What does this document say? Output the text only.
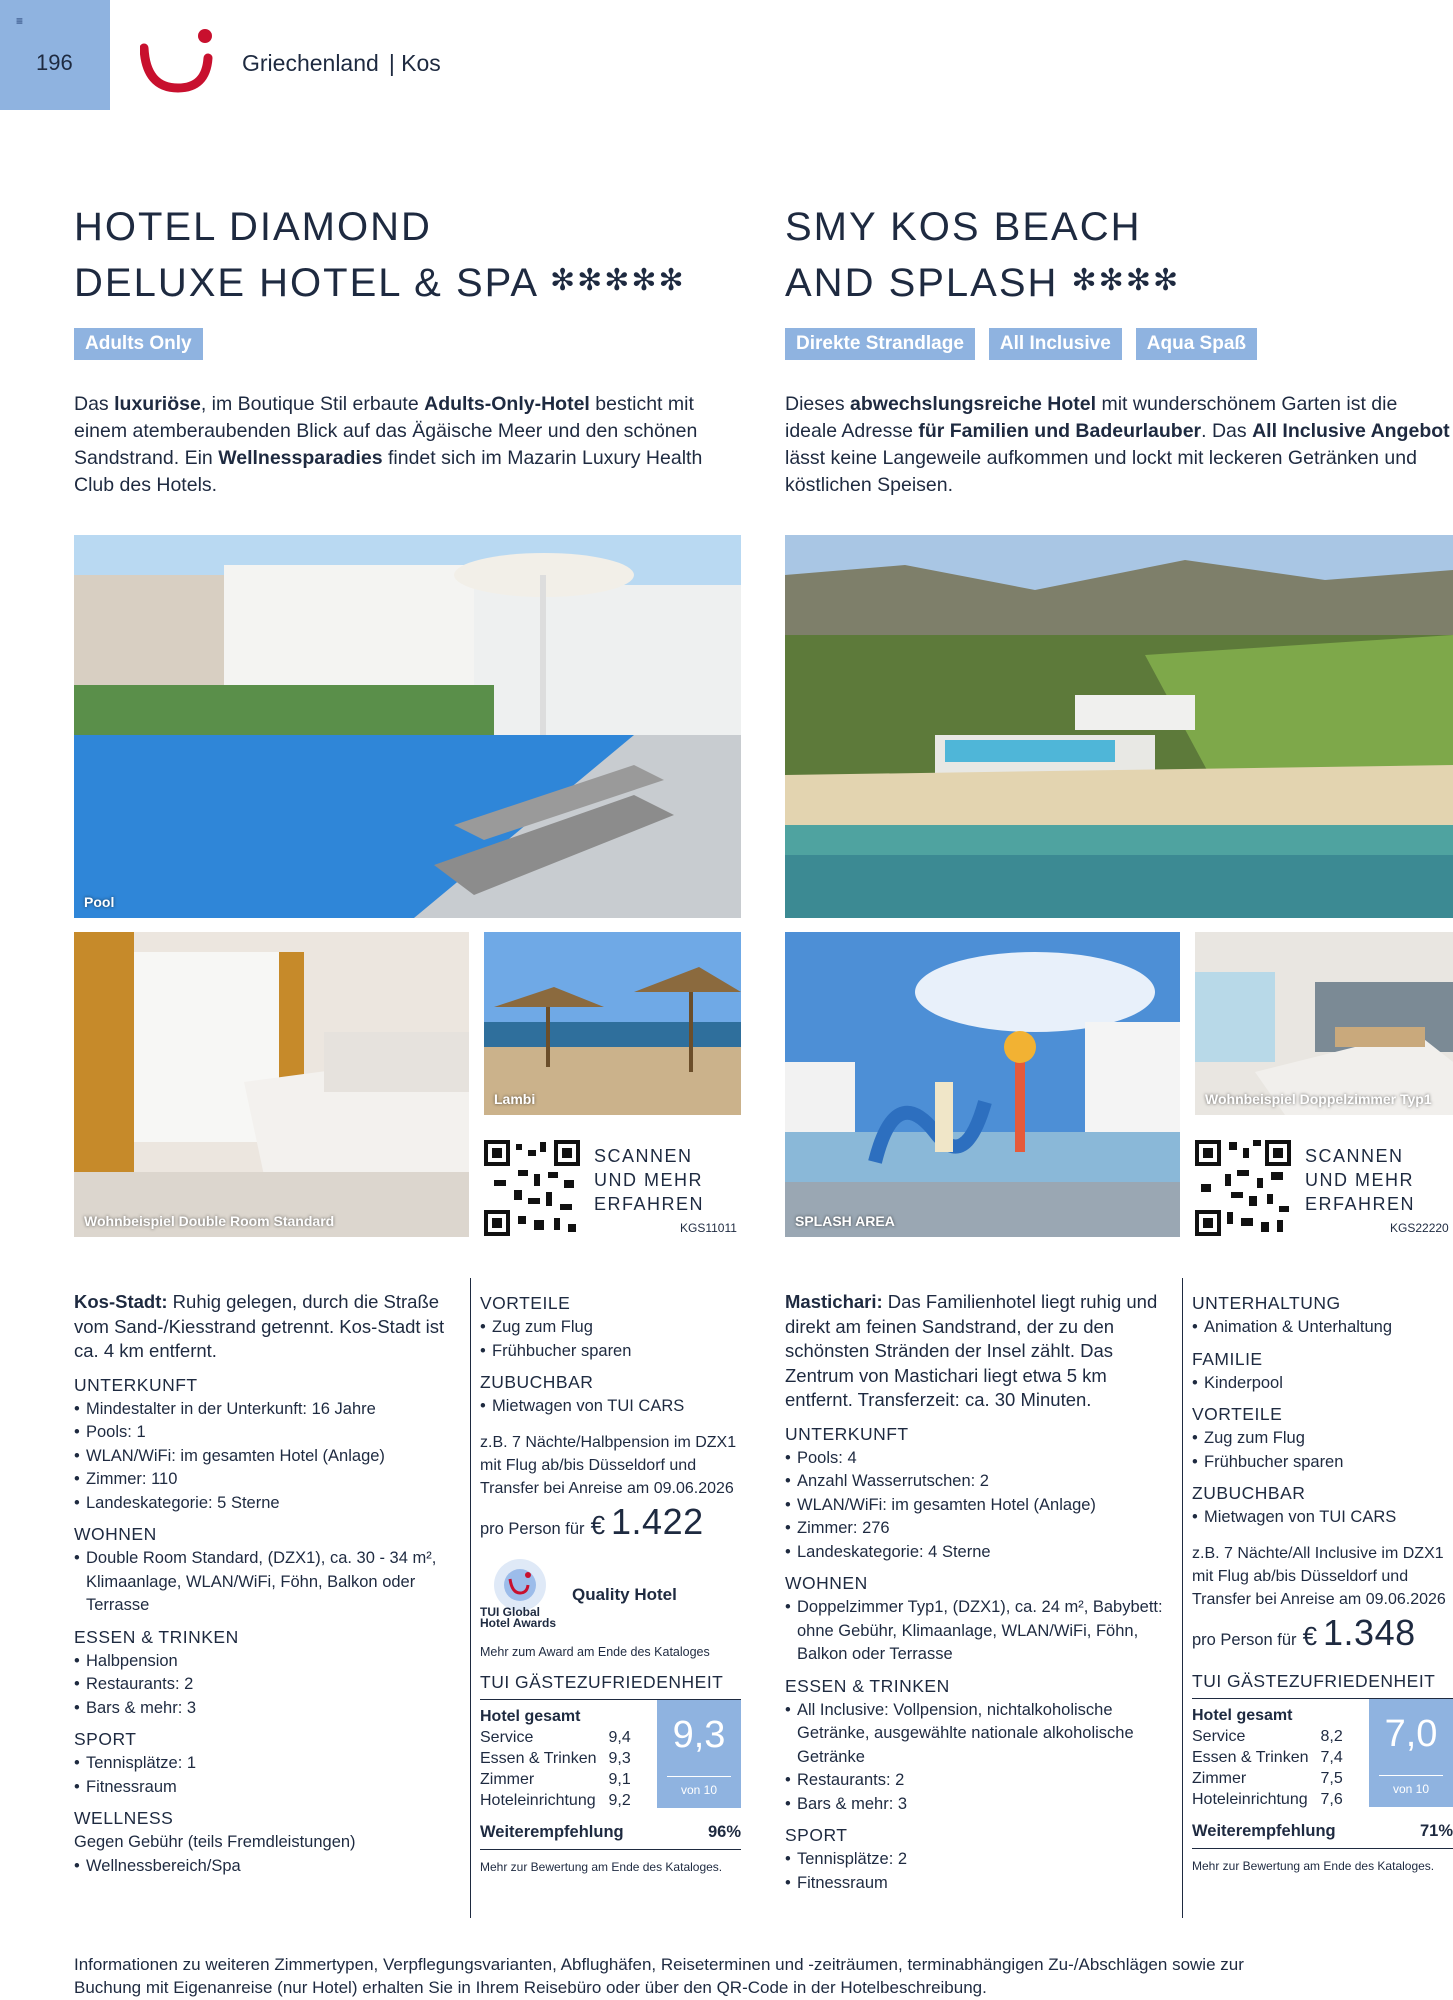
≡
196	Griechenland | Kos
HOTEL DIAMOND
DELUXE HOTEL & SPA ✻✻✻✻✻
Adults Only

Das luxuriöse, im Boutique Stil erbaute Adults-Only-Hotel besticht mit einem atemberaubenden Blick auf das Ägäische Meer und den schönen Sandstrand. Ein Wellnessparadies findet sich im Mazarin Luxury Health Club des Hotels.

SMY KOS BEACH
AND SPLASH ✻✻✻✻
Direkte Strandlage	All Inclusive	Aqua Spaß

Dieses abwechslungsreiche Hotel mit wunderschönem Garten ist die ideale Adresse für Familien und Badeurlauber. Das All Inclusive Angebot lässt keine Langeweile aufkommen und lockt mit leckeren Getränken und köstlichen Speisen.

Pool
Wohnbeispiel Double Room Standard
Lambi
SCANNEN
UND MEHR
ERFAHREN
KGS11011	SPLASH AREA
Wohnbeispiel Doppelzimmer Typ1
SCANNEN
UND MEHR
ERFAHREN
KGS22220

Kos-Stadt: Ruhig gelegen, durch die Straße vom Sand-/Kiesstrand getrennt. Kos-Stadt ist ca. 4 km entfernt.

UNTERKUNFT
• Mindestalter in der Unterkunft: 16 Jahre
• Pools: 1
• WLAN/WiFi: im gesamten Hotel (Anlage)
• Zimmer: 110
• Landeskategorie: 5 Sterne
WOHNEN
• Double Room Standard, (DZX1), ca. 30 - 34 m², Klimaanlage, WLAN/WiFi, Föhn, Balkon oder Terrasse
ESSEN & TRINKEN
• Halbpension
• Restaurants: 2
• Bars & mehr: 3
SPORT
• Tennisplätze: 1
• Fitnessraum
WELLNESS

Gegen Gebühr (teils Fremdleistungen)

• Wellnessbereich/Spa
VORTEILE
• Zug zum Flug
• Frühbucher sparen
ZUBUCHBAR
• Mietwagen von TUI CARS

z.B. 7 Nächte/Halbpension im DZX1 mit Flug ab/bis Düsseldorf und Transfer bei Anreise am 09.06.2026

pro Person für € 1.422
TUI Global Hotel Awards
Quality Hotel
Mehr zum Award am Ende des Kataloges
TUI GÄSTEZUFRIEDENHEIT
Hotel gesamt	
Service	9,4
Essen & Trinken	9,3
Zimmer	9,1
Hoteleinrichtung	9,2
9,3
von 10
Weiterempfehlung	96%

Mehr zur Bewertung am Ende des Kataloges.

Mastichari: Das Familienhotel liegt ruhig und direkt am feinen Sandstrand, der zu den schönsten Stränden der Insel zählt. Das Zentrum von Mastichari liegt etwa 5 km entfernt. Transferzeit: ca. 30 Minuten.

UNTERKUNFT
• Pools: 4
• Anzahl Wasserrutschen: 2
• WLAN/WiFi: im gesamten Hotel (Anlage)
• Zimmer: 276
• Landeskategorie: 4 Sterne
WOHNEN
• Doppelzimmer Typ1, (DZX1), ca. 24 m², Babybett: ohne Gebühr, Klimaanlage, WLAN/WiFi, Föhn, Balkon oder Terrasse
ESSEN & TRINKEN
• All Inclusive: Vollpension, nichtalkoholische Getränke, ausgewählte nationale alkoholische Getränke
• Restaurants: 2
• Bars & mehr: 3
SPORT
• Tennisplätze: 2
• Fitnessraum
UNTERHALTUNG
• Animation & Unterhaltung
FAMILIE
• Kinderpool
VORTEILE
• Zug zum Flug
• Frühbucher sparen
ZUBUCHBAR
• Mietwagen von TUI CARS

z.B. 7 Nächte/All Inclusive im DZX1 mit Flug ab/bis Düsseldorf und Transfer bei Anreise am 09.06.2026

pro Person für € 1.348
TUI GÄSTEZUFRIEDENHEIT
Hotel gesamt	
Service	8,2
Essen & Trinken	7,4
Zimmer	7,5
Hoteleinrichtung	7,6
7,0
von 10
Weiterempfehlung	71%

Mehr zur Bewertung am Ende des Kataloges.

Informationen zu weiteren Zimmertypen, Verpflegungsvarianten, Abflughäfen, Reiseterminen und -zeiträumen, terminabhängigen Zu-/Abschlägen sowie zur Buchung mit Eigenanreise (nur Hotel) erhalten Sie in Ihrem Reisebüro oder über den QR-Code in der Hotelbeschreibung.
